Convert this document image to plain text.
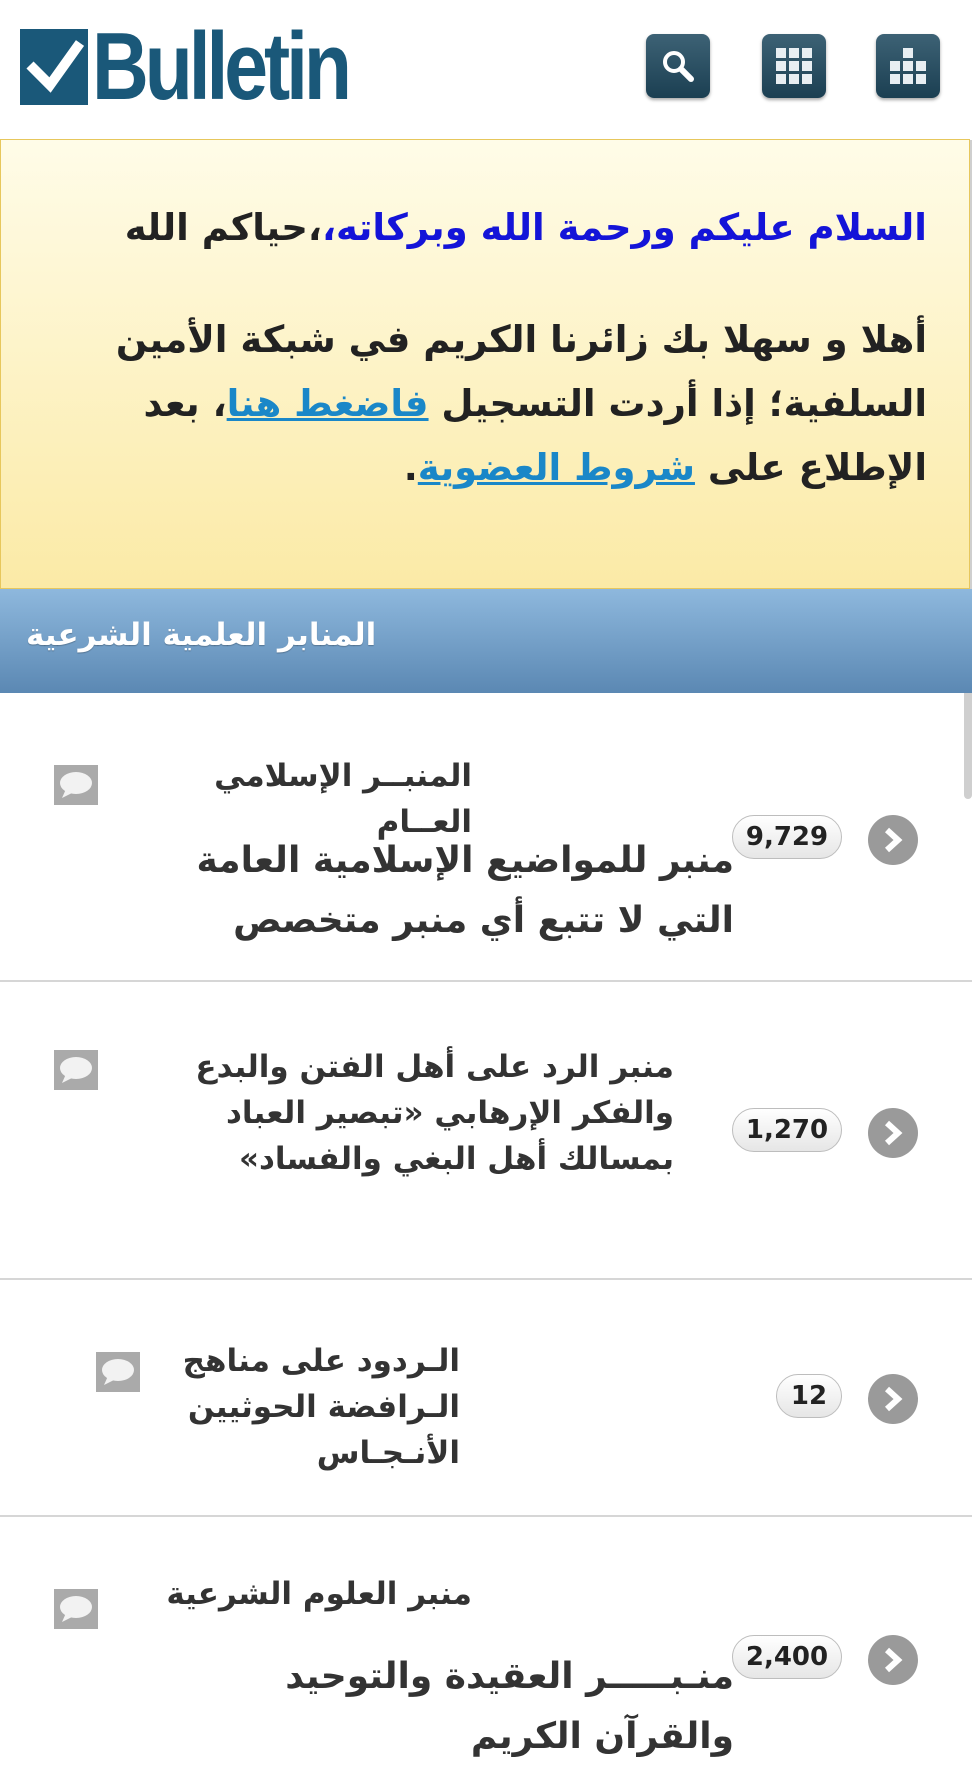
Bulletin
السلام عليكم ورحمة الله وبركاته،،حياكم الله
أهلا و سهلا بك زائرنا الكريم في شبكة الأمين السلفية؛ إذا أردت التسجيل فاضغط هنا، بعد الإطلاع على شروط العضوية.
المنابر العلمية الشرعية
المنبــر الإسلامي العــام
منبر للمواضيع الإسلامية العامة التي لا تتبع أي منبر متخصص
9,729
منبر الرد على أهل الفتن والبدع والفكر الإرهابي «تبصير العباد بمسالك أهل البغي والفساد»
1,270
الـردود على مناهج الـرافضة الحوثيين الأنـجـاس
12
منبر العلوم الشرعية
منـبـــــر العقيدة والتوحيد والقرآن الكريم
2,400
